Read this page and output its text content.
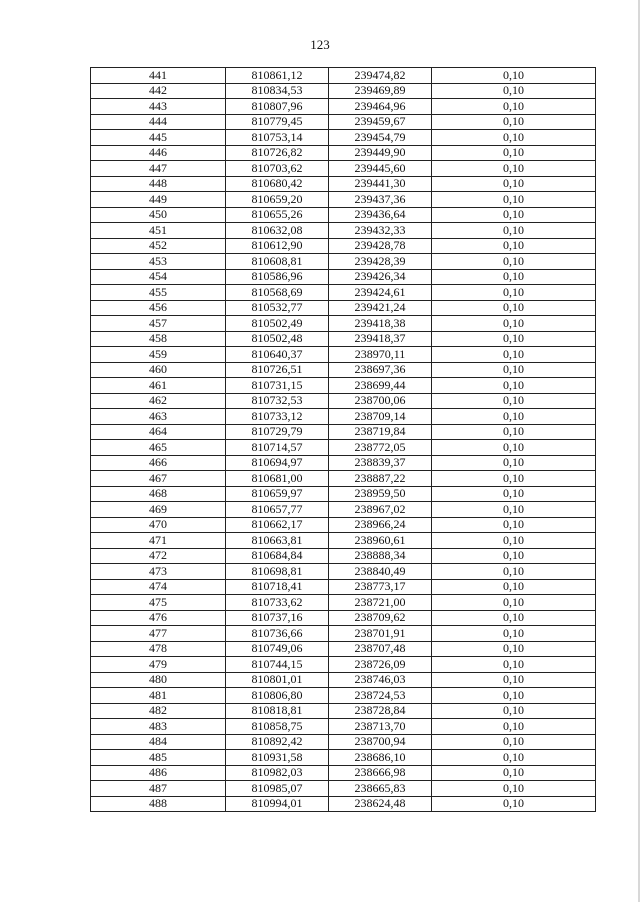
123
441	810861,12	239474,82	0,10
442	810834,53	239469,89	0,10
443	810807,96	239464,96	0,10
444	810779,45	239459,67	0,10
445	810753,14	239454,79	0,10
446	810726,82	239449,90	0,10
447	810703,62	239445,60	0,10
448	810680,42	239441,30	0,10
449	810659,20	239437,36	0,10
450	810655,26	239436,64	0,10
451	810632,08	239432,33	0,10
452	810612,90	239428,78	0,10
453	810608,81	239428,39	0,10
454	810586,96	239426,34	0,10
455	810568,69	239424,61	0,10
456	810532,77	239421,24	0,10
457	810502,49	239418,38	0,10
458	810502,48	239418,37	0,10
459	810640,37	238970,11	0,10
460	810726,51	238697,36	0,10
461	810731,15	238699,44	0,10
462	810732,53	238700,06	0,10
463	810733,12	238709,14	0,10
464	810729,79	238719,84	0,10
465	810714,57	238772,05	0,10
466	810694,97	238839,37	0,10
467	810681,00	238887,22	0,10
468	810659,97	238959,50	0,10
469	810657,77	238967,02	0,10
470	810662,17	238966,24	0,10
471	810663,81	238960,61	0,10
472	810684,84	238888,34	0,10
473	810698,81	238840,49	0,10
474	810718,41	238773,17	0,10
475	810733,62	238721,00	0,10
476	810737,16	238709,62	0,10
477	810736,66	238701,91	0,10
478	810749,06	238707,48	0,10
479	810744,15	238726,09	0,10
480	810801,01	238746,03	0,10
481	810806,80	238724,53	0,10
482	810818,81	238728,84	0,10
483	810858,75	238713,70	0,10
484	810892,42	238700,94	0,10
485	810931,58	238686,10	0,10
486	810982,03	238666,98	0,10
487	810985,07	238665,83	0,10
488	810994,01	238624,48	0,10
